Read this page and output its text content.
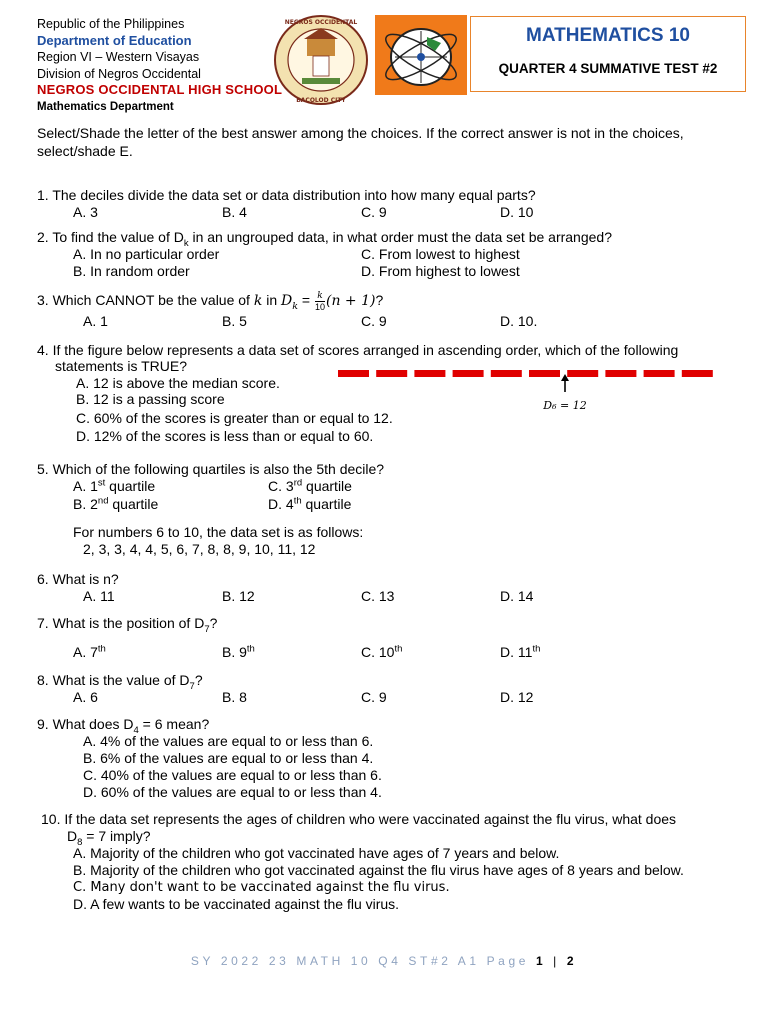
Republic of the Philippines
Department of Education
Region VI – Western Visayas
Division of Negros Occidental
NEGROS OCCIDENTAL HIGH SCHOOL
Mathematics Department
NEGROS OCCIDENTAL
BACOLOD CITY
MATHEMATICS 10
QUARTER 4 SUMMATIVE TEST #2
Select/Shade the letter of the best answer among the choices. If the correct answer is not in the choices, select/shade E.
1. The deciles divide the data set or data distribution into how many equal parts?
A. 3	B. 4	C. 9	D. 10
2. To find the value of $D_k$ in an ungrouped data, in what order must the data set be arranged?
A. In no particular order
B. In random order
C. From lowest to highest
D. From highest to lowest
3. Which CANNOT be the value of k in $D_k = \frac{k}{10} (n + 1)$?
A. 1	B. 5	C. 9	D. 10.
4. If the figure below represents a data set of scores arranged in ascending order, which of the following
statements is TRUE?
A. 12 is above the median score.
B. 12 is a passing score
C. 60% of the scores is greater than or equal to 12.
D. 12% of the scores is less than or equal to 60.
D₆ = 12
5. Which of the following quartiles is also the 5th decile?
A. 1st quartile
B. 2nd quartile
C. 3rd quartile
D. 4th quartile
For numbers 6 to 10, the data set is as follows:
2, 3, 3, 4, 4, 5, 6, 7, 8, 8, 9, 10, 11, 12
6. What is n?
A. 11	B. 12	C. 13	D. 14
7. What is the position of $D_7$?
A. 7th	B. 9th	C. 10th	D. 11th
8. What is the value of $D_7$?
A. 6	B. 8	C. 9	D. 12
9. What does $D_4 = 6$ mean?
A. 4% of the values are equal to or less than 6.
B. 6% of the values are equal to or less than 4.
C. 40% of the values are equal to or less than 6.
D. 60% of the values are equal to or less than 4.
10. If the data set represents the ages of children who were vaccinated against the flu virus, what does
$D_8 = 7$ imply?
A. Majority of the children who got vaccinated have ages of 7 years and below.
B. Majority of the children who got vaccinated against the flu virus have ages of 8 years and below.
C. Many don't want to be vaccinated against the flu virus.
D. A few wants to be vaccinated against the flu virus.
SY 2022 23 MATH 10 Q4 ST#2 A1 Page 1 | 2
